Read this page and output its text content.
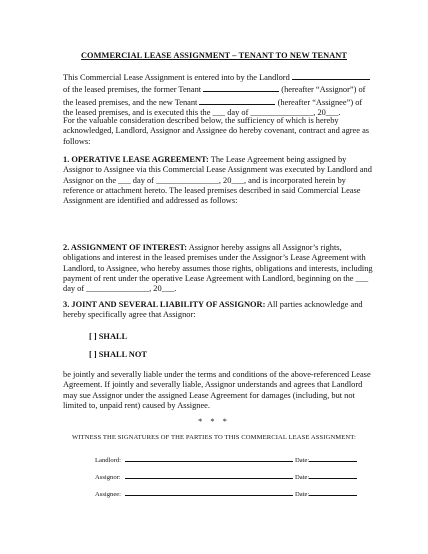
COMMERCIAL LEASE ASSIGNMENT – TENANT TO NEW TENANT
This Commercial Lease Assignment is entered into by the Landlord
of the leased premises, the former Tenant	(hereafter “Assignor”) of
the leased premises, and the new Tenant	(hereafter “Assignee”) of
the leased premises, and is executed this the ___ day of _______________, 20___.

For the valuable consideration described below, the sufficiency of which is hereby acknowledged, Landlord, Assignor and Assignee do hereby covenant, contract and agree as follows:

1. OPERATIVE LEASE AGREEMENT: The Lease Agreement being assigned by Assignor to Assignee via this Commercial Lease Assignment was executed by Landlord and Assignor on the ___ day of _______________, 20___, and is incorporated herein by reference or attachment hereto. The leased premises described in said Commercial Lease Assignment are identified and addressed as follows:

2. ASSIGNMENT OF INTEREST: Assignor hereby assigns all Assignor’s rights, obligations and interest in the leased premises under the Assignor’s Lease Agreement with Landlord, to Assignee, who hereby assumes those rights, obligations and interests, including payment of rent under the operative Lease Agreement with Landlord, beginning on the ___ day of _______________, 20___.

3. JOINT AND SEVERAL LIABILITY OF ASSIGNOR: All parties acknowledge and hereby specifically agree that Assignor:

[ ] SHALL
[ ] SHALL NOT

be jointly and severally liable under the terms and conditions of the above-referenced Lease Agreement. If jointly and severally liable, Assignor understands and agrees that Landlord may sue Assignor under the assigned Lease Agreement for damages (including, but not limited to, unpaid rent) caused by Assignee.

* * *
WITNESS THE SIGNATURES OF THE PARTIES TO THIS COMMERCIAL LEASE ASSIGNMENT:
Landlord:	Date:
Assignor:	Date:
Assignee:	Date:
